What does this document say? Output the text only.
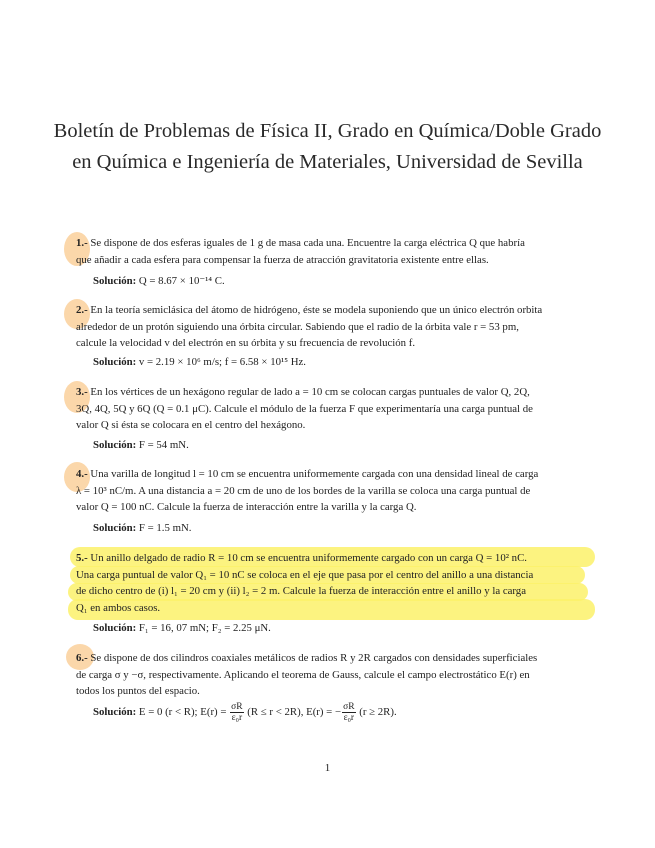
Boletín de Problemas de Física II, Grado en Química/Doble Grado
en Química e Ingeniería de Materiales, Universidad de Sevilla
1.- Se dispone de dos esferas iguales de 1 g de masa cada una. Encuentre la carga eléctrica Q que habría
que añadir a cada esfera para compensar la fuerza de atracción gravitatoria existente entre ellas.
Solución: Q = 8.67 × 10⁻¹⁴ C.
2.- En la teoría semiclásica del átomo de hidrógeno, éste se modela suponiendo que un único electrón orbita
alrededor de un protón siguiendo una órbita circular. Sabiendo que el radio de la órbita vale r = 53 pm,
calcule la velocidad v del electrón en su órbita y su frecuencia de revolución f.
Solución: v = 2.19 × 10⁶ m/s; f = 6.58 × 10¹⁵ Hz.
3.- En los vértices de un hexágono regular de lado a = 10 cm se colocan cargas puntuales de valor Q, 2Q,
3Q, 4Q, 5Q y 6Q (Q = 0.1 μC). Calcule el módulo de la fuerza F que experimentaría una carga puntual de
valor Q si ésta se colocara en el centro del hexágono.
Solución: F = 54 mN.
4.- Una varilla de longitud l = 10 cm se encuentra uniformemente cargada con una densidad lineal de carga
λ = 10³ nC/m. A una distancia a = 20 cm de uno de los bordes de la varilla se coloca una carga puntual de
valor Q = 100 nC. Calcule la fuerza de interacción entre la varilla y la carga Q.
Solución: F = 1.5 mN.
5.- Un anillo delgado de radio R = 10 cm se encuentra uniformemente cargado con un carga Q = 10² nC.
Una carga puntual de valor Q₁ = 10 nC se coloca en el eje que pasa por el centro del anillo a una distancia
de dicho centro de (i) l₁ = 20 cm y (ii) l₂ = 2 m. Calcule la fuerza de interacción entre el anillo y la carga
Q₁ en ambos casos.
Solución: F₁ = 16, 07 mN; F₂ = 2.25 μN.
6.- Se dispone de dos cilindros coaxiales metálicos de radios R y 2R cargados con densidades superficiales
de carga σ y −σ, respectivamente. Aplicando el teorema de Gauss, calcule el campo electrostático E(r) en
todos los puntos del espacio.
Solución: E = 0 (r < R); $E(r) = \frac{\sigma R}{\text{ε₀r}} (R \le r < 2R)$, E(r) = − $\frac{\sigma R}{\text{ε₀r}} (r \ge 2R)$.
1
